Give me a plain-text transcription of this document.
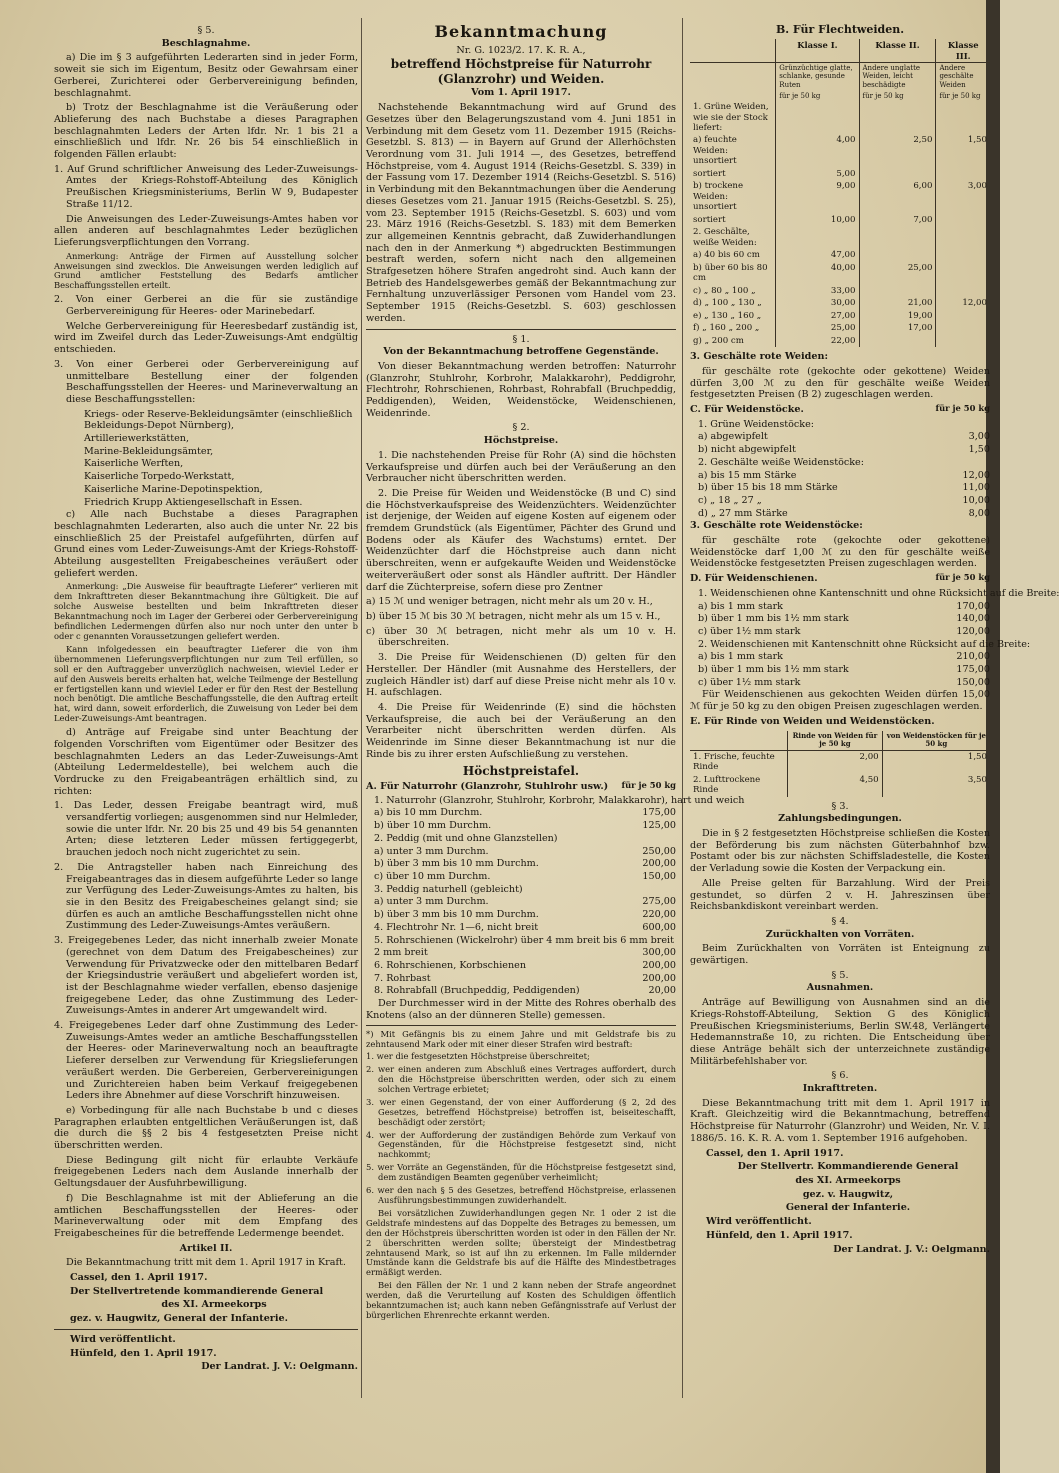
§ 5.
Beschlagnahme.

a) Die im § 3 aufgeführten Lederarten sind in jeder Form, soweit sie sich im Eigentum, Besitz oder Gewahrsam einer Gerberei, Zurichterei oder Gerbervereinigung befinden, beschlagnahmt.

b) Trotz der Beschlagnahme ist die Veräußerung oder Ablieferung des nach Buchstabe a dieses Paragraphen beschlagnahmten Leders der Arten lfdr. Nr. 1 bis 21 a einschließlich und lfdr. Nr. 26 bis 54 einschließlich in folgenden Fällen erlaubt:

1. Auf Grund schriftlicher Anweisung des Leder-Zuweisungs-Amtes der Kriegs-Rohstoff-Abteilung des Königlich Preußischen Kriegsministeriums, Berlin W 9, Budapester Straße 11/12.

Die Anweisungen des Leder-Zuweisungs-Amtes haben vor allen anderen auf beschlagnahmtes Leder bezüglichen Lieferungsverpflichtungen den Vorrang.

Anmerkung: Anträge der Firmen auf Ausstellung solcher Anweisungen sind zwecklos. Die Anweisungen werden lediglich auf Grund amtlicher Feststellung des Bedarfs amtlicher Beschaffungsstellen erteilt.

2. Von einer Gerberei an die für sie zuständige Gerbervereinigung für Heeres- oder Marinebedarf.

Welche Gerbervereinigung für Heeresbedarf zuständig ist, wird im Zweifel durch das Leder-Zuweisungs-Amt endgültig entschieden.

3. Von einer Gerberei oder Gerbervereinigung auf unmittelbare Bestellung einer der folgenden Beschaffungsstellen der Heeres- und Marineverwaltung an diese Beschaffungsstellen:
Kriegs- oder Reserve-Bekleidungsämter (einschließlich Bekleidungs-Depot Nürnberg),
Artilleriewerkstätten,
Marine-Bekleidungsämter,
Kaiserliche Werften,
Kaiserliche Torpedo-Werkstatt,
Kaiserliche Marine-Depotinspektion,
Friedrich Krupp Aktiengesellschaft in Essen.

c) Alle nach Buchstabe a dieses Paragraphen beschlagnahmten Lederarten, also auch die unter Nr. 22 bis einschließlich 25 der Preistafel aufgeführten, dürfen auf Grund eines vom Leder-Zuweisungs-Amt der Kriegs-Rohstoff-Abteilung ausgestellten Freigabescheines veräußert oder geliefert werden.

Anmerkung: „Die Ausweise für beauftragte Lieferer“ verlieren mit dem Inkrafttreten dieser Bekanntmachung ihre Gültigkeit. Die auf solche Ausweise bestellten und beim Inkrafttreten dieser Bekanntmachung noch im Lager der Gerberei oder Gerbervereinigung befindlichen Ledermengen dürfen also nur noch unter den unter b oder c genannten Voraussetzungen geliefert werden.

Kann infolgedessen ein beauftragter Lieferer die von ihm übernommenen Lieferungsverpflichtungen nur zum Teil erfüllen, so soll er den Auftraggeber unverzüglich nachweisen, wieviel Leder er auf den Ausweis bereits erhalten hat, welche Teilmenge der Bestellung er fertigstellen kann und wieviel Leder er für den Rest der Bestellung noch benötigt. Die amtliche Beschaffungsstelle, die den Auftrag erteilt hat, wird dann, soweit erforderlich, die Zuweisung von Leder bei dem Leder-Zuweisungs-Amt beantragen.

d) Anträge auf Freigabe sind unter Beachtung der folgenden Vorschriften vom Eigentümer oder Besitzer des beschlagnahmten Leders an das Leder-Zuweisungs-Amt (Abteilung Ledermeldestelle), bei welchem auch die Vordrucke zu den Freigabeanträgen erhältlich sind, zu richten:

1. Das Leder, dessen Freigabe beantragt wird, muß versandfertig vorliegen; ausgenommen sind nur Helmleder, sowie die unter lfdr. Nr. 20 bis 25 und 49 bis 54 genannten Arten; diese letzteren Leder müssen fertiggegerbt, brauchen jedoch noch nicht zugerichtet zu sein.
2. Die Antragsteller haben nach Einreichung des Freigabeantrages das in diesem aufgeführte Leder so lange zur Verfügung des Leder-Zuweisungs-Amtes zu halten, bis sie in den Besitz des Freigabescheines gelangt sind; sie dürfen es auch an amtliche Beschaffungsstellen nicht ohne Zustimmung des Leder-Zuweisungs-Amtes veräußern.
3. Freigegebenes Leder, das nicht innerhalb zweier Monate (gerechnet von dem Datum des Freigabescheines) zur Verwendung für Privatzwecke oder den mittelbaren Bedarf der Kriegsindustrie veräußert und abgeliefert worden ist, ist der Beschlagnahme wieder verfallen, ebenso dasjenige freigegebene Leder, das ohne Zustimmung des Leder-Zuweisungs-Amtes in anderer Art umgewandelt wird.
4. Freigegebenes Leder darf ohne Zustimmung des Leder-Zuweisungs-Amtes weder an amtliche Beschaffungsstellen der Heeres- oder Marineverwaltung noch an beauftragte Lieferer derselben zur Verwendung für Kriegslieferungen veräußert werden. Die Gerbereien, Gerbervereinigungen und Zurichtereien haben beim Verkauf freigegebenen Leders ihre Abnehmer auf diese Vorschrift hinzuweisen.

e) Vorbedingung für alle nach Buchstabe b und c dieses Paragraphen erlaubten entgeltlichen Veräußerungen ist, daß die durch die §§ 2 bis 4 festgesetzten Preise nicht überschritten werden.

Diese Bedingung gilt nicht für erlaubte Verkäufe freigegebenen Leders nach dem Auslande innerhalb der Geltungsdauer der Ausfuhrbewilligung.

f) Die Beschlagnahme ist mit der Ablieferung an die amtlichen Beschaffungsstellen der Heeres- oder Marineverwaltung oder mit dem Empfang des Freigabescheines für die betreffende Ledermenge beendet.

Artikel II.

Die Bekanntmachung tritt mit dem 1. April 1917 in Kraft.

Cassel, den 1. April 1917.
Der Stellvertretende kommandierende General
des XI. Armeekorps
gez. v. Haugwitz, General der Infanterie.
Wird veröffentlicht.
Hünfeld, den 1. April 1917.
Der Landrat. J. V.: Oelgmann.
Bekanntmachung
Nr. G. 1023/2. 17. K. R. A.,
betreffend Höchstpreise für Naturrohr
(Glanzrohr) und Weiden.
Vom 1. April 1917.

Nachstehende Bekanntmachung wird auf Grund des Gesetzes über den Belagerungszustand vom 4. Juni 1851 in Verbindung mit dem Gesetz vom 11. Dezember 1915 (Reichs-Gesetzbl. S. 813) — in Bayern auf Grund der Allerhöchsten Verordnung vom 31. Juli 1914 —, des Gesetzes, betreffend Höchstpreise, vom 4. August 1914 (Reichs-Gesetzbl. S. 339) in der Fassung vom 17. Dezember 1914 (Reichs-Gesetzbl. S. 516) in Verbindung mit den Bekanntmachungen über die Aenderung dieses Gesetzes vom 21. Januar 1915 (Reichs-Gesetzbl. S. 25), vom 23. September 1915 (Reichs-Gesetzbl. S. 603) und vom 23. März 1916 (Reichs-Gesetzbl. S. 183) mit dem Bemerken zur allgemeinen Kenntnis gebracht, daß Zuwiderhandlungen nach den in der Anmerkung *) abgedruckten Bestimmungen bestraft werden, sofern nicht nach den allgemeinen Strafgesetzen höhere Strafen angedroht sind. Auch kann der Betrieb des Handelsgewerbes gemäß der Bekanntmachung zur Fernhaltung unzuverlässiger Personen vom Handel vom 23. September 1915 (Reichs-Gesetzbl. S. 603) geschlossen werden.

§ 1.
Von der Bekanntmachung betroffene Gegenstände.

Von dieser Bekanntmachung werden betroffen: Naturrohr (Glanzrohr, Stuhlrohr, Korbrohr, Malakkarohr), Peddigrohr, Flechtrohr, Rohrschienen, Rohrbast, Rohrabfall (Bruchpeddig, Peddigenden), Weiden, Weidenstöcke, Weidenschienen, Weidenrinde.

§ 2.
Höchstpreise.

1. Die nachstehenden Preise für Rohr (A) sind die höchsten Verkaufspreise und dürfen auch bei der Veräußerung an den Verbraucher nicht überschritten werden.

2. Die Preise für Weiden und Weidenstöcke (B und C) sind die Höchstverkaufspreise des Weidenzüchters. Weidenzüchter ist derjenige, der Weiden auf eigene Kosten auf eigenem oder fremdem Grundstück (als Eigentümer, Pächter des Grund und Bodens oder als Käufer des Wachstums) erntet. Der Weidenzüchter darf die Höchstpreise auch dann nicht überschreiten, wenn er aufgekaufte Weiden und Weidenstöcke weiterveräußert oder sonst als Händler auftritt. Der Händler darf die Züchterpreise, sofern diese pro Zentner

a) 15 ℳ und weniger betragen, nicht mehr als um 20 v. H.,
b) über 15 ℳ bis 30 ℳ betragen, nicht mehr als um 15 v. H.,
c) über 30 ℳ betragen, nicht mehr als um 10 v. H. überschreiten.

3. Die Preise für Weidenschienen (D) gelten für den Hersteller. Der Händler (mit Ausnahme des Herstellers, der zugleich Händler ist) darf auf diese Preise nicht mehr als 10 v. H. aufschlagen.

4. Die Preise für Weidenrinde (E) sind die höchsten Verkaufspreise, die auch bei der Veräußerung an den Verarbeiter nicht überschritten werden dürfen. Als Weidenrinde im Sinne dieser Bekanntmachung ist nur die Rinde bis zu ihrer ersten Aufschließung zu verstehen.

Höchstpreistafel.
A. Für Naturrohr (Glanzrohr, Stuhlrohr usw.) für je 50 kg
1. Naturrohr (Glanzrohr, Stuhlrohr, Korbrohr, Malakkarohr), hart und weich
a) bis 10 mm Durchm.	175,00
b) über 10 mm Durchm.	125,00
2. Peddig (mit und ohne Glanzstellen)
a) unter 3 mm Durchm.	250,00
b) über 3 mm bis 10 mm Durchm.	200,00
c) über 10 mm Durchm.	150,00
3. Peddig naturhell (gebleicht)
a) unter 3 mm Durchm.	275,00
b) über 3 mm bis 10 mm Durchm.	220,00
4. Flechtrohr Nr. 1—6, nicht breit	600,00
5. Rohrschienen (Wickelrohr) über 4 mm breit bis 6 mm breit
2 mm breit	300,00
6. Rohrschienen, Korbschienen	200,00
7. Rohrbast	200,00
8. Rohrabfall (Bruchpeddig, Peddigenden)	20,00

Der Durchmesser wird in der Mitte des Rohres oberhalb des Knotens (also an der dünneren Stelle) gemessen.

*) Mit Gefängnis bis zu einem Jahre und mit Geldstrafe bis zu zehntausend Mark oder mit einer dieser Strafen wird bestraft:

1. wer die festgesetzten Höchstpreise überschreitet;
2. wer einen anderen zum Abschluß eines Vertrages auffordert, durch den die Höchstpreise überschritten werden, oder sich zu einem solchen Vertrage erbietet;
3. wer einen Gegenstand, der von einer Aufforderung (§ 2, 2d des Gesetzes, betreffend Höchstpreise) betroffen ist, beiseiteschafft, beschädigt oder zerstört;
4. wer der Aufforderung der zuständigen Behörde zum Verkauf von Gegenständen, für die Höchstpreise festgesetzt sind, nicht nachkommt;
5. wer Vorräte an Gegenständen, für die Höchstpreise festgesetzt sind, dem zuständigen Beamten gegenüber verheimlicht;
6. wer den nach § 5 des Gesetzes, betreffend Höchstpreise, erlassenen Ausführungsbestimmungen zuwiderhandelt.

Bei vorsätzlichen Zuwiderhandlungen gegen Nr. 1 oder 2 ist die Geldstrafe mindestens auf das Doppelte des Betrages zu bemessen, um den der Höchstpreis überschritten worden ist oder in den Fällen der Nr. 2 überschritten werden sollte; übersteigt der Mindestbetrag zehntausend Mark, so ist auf ihn zu erkennen. Im Falle mildernder Umstände kann die Geldstrafe bis auf die Hälfte des Mindestbetrages ermäßigt werden.

Bei den Fällen der Nr. 1 und 2 kann neben der Strafe angeordnet werden, daß die Verurteilung auf Kosten des Schuldigen öffentlich bekanntzumachen ist; auch kann neben Gefängnisstrafe auf Verlust der bürgerlichen Ehrenrechte erkannt werden.

B. Für Flechtweiden.
	Klasse I.	Klasse II.	Klasse III.
	Grünzüchtige glatte, schlanke, gesunde Ruten	Andere unglatte Weiden, leicht beschädigte	Andere geschälte Weiden
	für je 50 kg	für je 50 kg	für je 50 kg
1. Grüne Weiden, wie sie der Stock liefert:			
a) feuchte Weiden: unsortiert	4,00	2,50	1,50
sortiert	5,00		
b) trockene Weiden: unsortiert	9,00	6,00	3,00
sortiert	10,00	7,00	
2. Geschälte, weiße Weiden:			
a) 40 bis 60 cm	47,00		
b) über 60 bis 80 cm	40,00	25,00	
c) „ 80 „ 100 „	33,00		
d) „ 100 „ 130 „	30,00	21,00	12,00
e) „ 130 „ 160 „	27,00	19,00	
f) „ 160 „ 200 „	25,00	17,00	
g) „ 200 cm	22,00		
3. Geschälte rote Weiden:

für geschälte rote (gekochte oder gekottene) Weiden dürfen 3,00 ℳ zu den für geschälte weiße Weiden festgesetzten Preisen (B 2) zugeschlagen werden.

C. Für Weidenstöcke.	für je 50 kg
1. Grüne Weidenstöcke:
a) abgewipfelt	3,00
b) nicht abgewipfelt	1,50
2. Geschälte weiße Weidenstöcke:
a) bis 15 mm Stärke	12,00
b) über 15 bis 18 mm Stärke	11,00
c) „ 18 „ 27 „	10,00
d) „ 27 mm Stärke	8,00
3. Geschälte rote Weidenstöcke:

für geschälte rote (gekochte oder gekottene) Weidenstöcke darf 1,00 ℳ zu den für geschälte weiße Weidenstöcke festgesetzten Preisen zugeschlagen werden.

D. Für Weidenschienen.	für je 50 kg
1. Weidenschienen ohne Kantenschnitt und ohne Rücksicht auf die Breite:
a) bis 1 mm stark	170,00
b) über 1 mm bis 1½ mm stark	140,00
c) über 1½ mm stark	120,00
2. Weidenschienen mit Kantenschnitt ohne Rücksicht auf die Breite:
a) bis 1 mm stark	210,00
b) über 1 mm bis 1½ mm stark	175,00
c) über 1½ mm stark	150,00

Für Weidenschienen aus gekochten Weiden dürfen 15,00 ℳ für je 50 kg zu den obigen Preisen zugeschlagen werden.

E. Für Rinde von Weiden und Weidenstöcken.
	Rinde von Weiden für je 50 kg	von Weidenstöcken für je 50 kg
1. Frische, feuchte Rinde	2,00	1,50
2. Lufttrockene Rinde	4,50	3,50
§ 3.
Zahlungsbedingungen.

Die in § 2 festgesetzten Höchstpreise schließen die Kosten der Beförderung bis zum nächsten Güterbahnhof bzw. Postamt oder bis zur nächsten Schiffsladestelle, die Kosten der Verladung sowie die Kosten der Verpackung ein.

Alle Preise gelten für Barzahlung. Wird der Preis gestundet, so dürfen 2 v. H. Jahreszinsen über Reichsbankdiskont vereinbart werden.

§ 4.
Zurückhalten von Vorräten.

Beim Zurückhalten von Vorräten ist Enteignung zu gewärtigen.

§ 5.
Ausnahmen.

Anträge auf Bewilligung von Ausnahmen sind an die Kriegs-Rohstoff-Abteilung, Sektion G des Königlich Preußischen Kriegsministeriums, Berlin SW.48, Verlängerte Hedemannstraße 10, zu richten. Die Entscheidung über diese Anträge behält sich der unterzeichnete zuständige Militärbefehlshaber vor.

§ 6.
Inkrafttreten.

Diese Bekanntmachung tritt mit dem 1. April 1917 in Kraft. Gleichzeitig wird die Bekanntmachung, betreffend Höchstpreise für Naturrohr (Glanzrohr) und Weiden, Nr. V. I. 1886/5. 16. K. R. A. vom 1. September 1916 aufgehoben.

Cassel, den 1. April 1917.
Der Stellvertr. Kommandierende General
des XI. Armeekorps
gez. v. Haugwitz,
General der Infanterie.
Wird veröffentlicht.
Hünfeld, den 1. April 1917.
Der Landrat. J. V.: Oelgmann.
